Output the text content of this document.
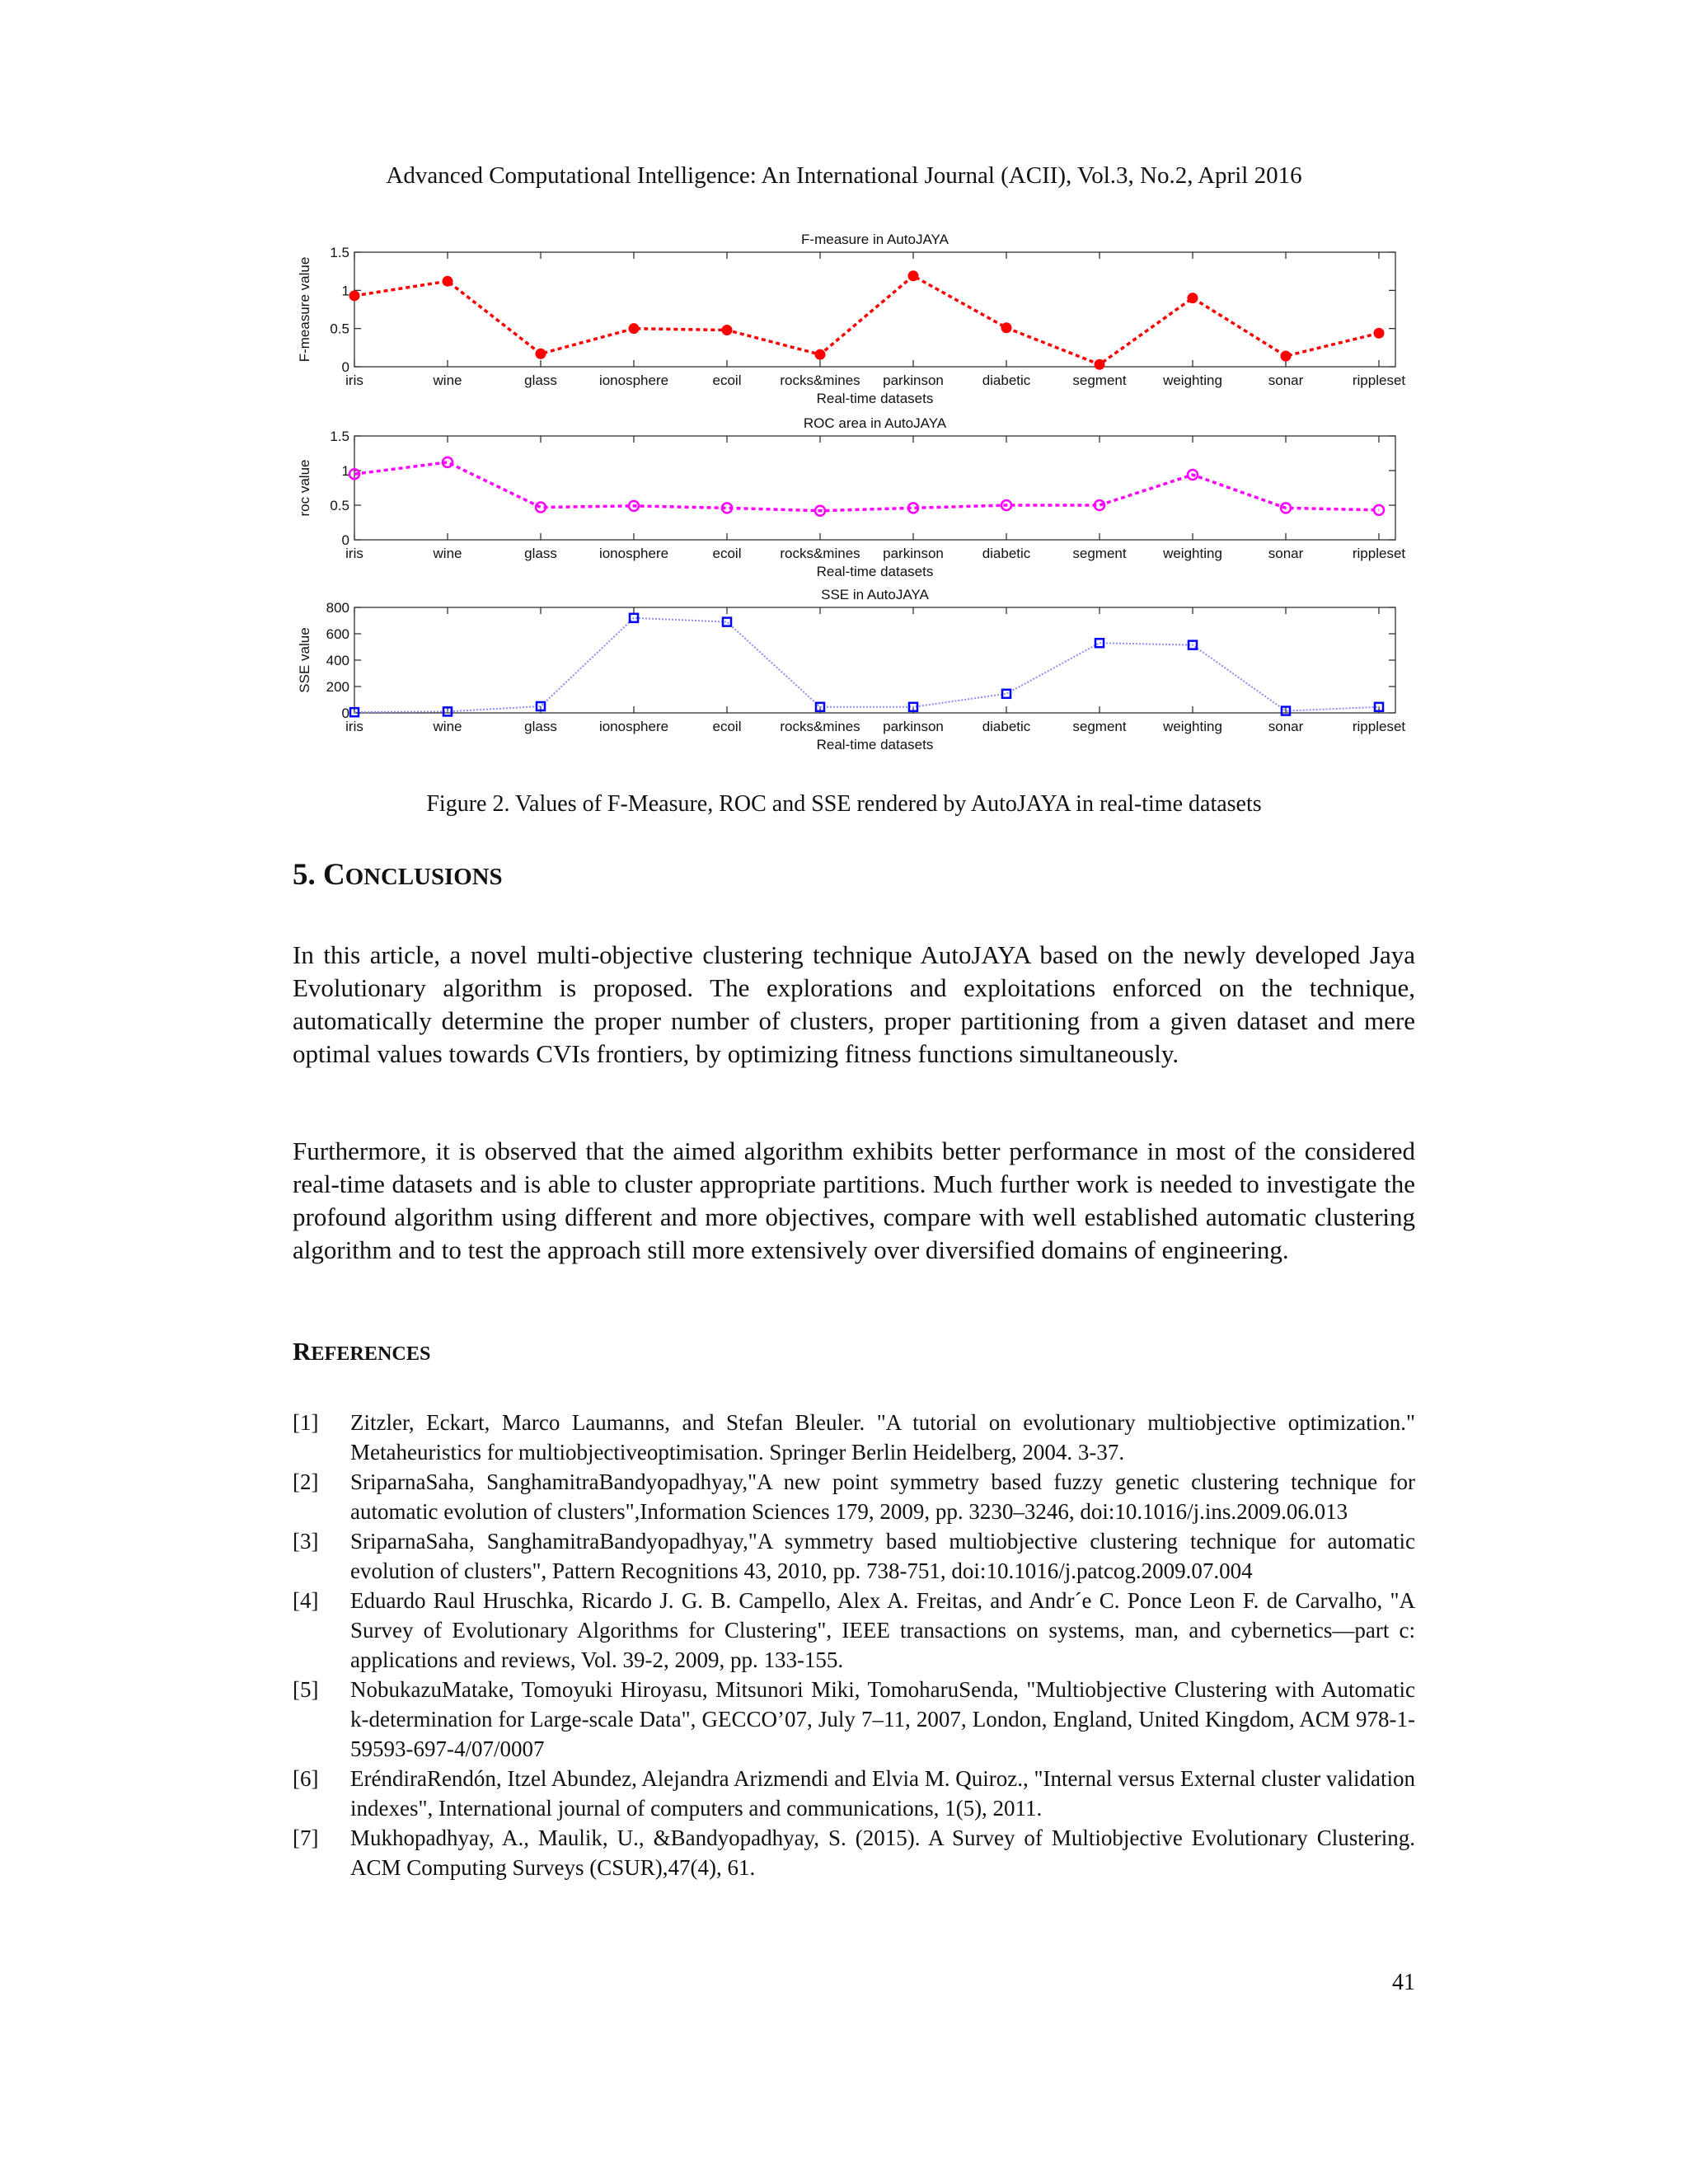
Advanced Computational Intelligence: An International Journal (ACII), Vol.3, No.2, April 2016
F-measure in AutoJAYA
0
0.5
1
1.5
F-measure value
iris	wine	glass	ionosphere	ecoil	rocks&mines parkinson	diabetic	segment	weighting	sonar	rippleset
Real-time datasets
ROC area in AutoJAYA
0
0.5
1
1.5
roc value
iris	wine	glass	ionosphere	ecoil	rocks&mines parkinson	diabetic	segment	weighting	sonar	rippleset
Real-time datasets
SSE in AutoJAYA
0
200
400
600
800
SSE value
iris	wine	glass	ionosphere	ecoil	rocks&mines parkinson	diabetic	segment	weighting	sonar	rippleset
Real-time datasets
Figure 2. Values of F-Measure, ROC and SSE rendered by AutoJAYA in real-time datasets
5. CONCLUSIONS

In this article, a novel multi-objective clustering technique AutoJAYA based on the newly developed Jaya Evolutionary algorithm is proposed. The explorations and exploitations enforced on the technique, automatically determine the proper number of clusters, proper partitioning from a given dataset and mere optimal values towards CVIs frontiers, by optimizing fitness functions simultaneously.

Furthermore, it is observed that the aimed algorithm exhibits better performance in most of the considered real-time datasets and is able to cluster appropriate partitions. Much further work is needed to investigate the profound algorithm using different and more objectives, compare with well established automatic clustering algorithm and to test the approach still more extensively over diversified domains of engineering.

REFERENCES
[1] Zitzler, Eckart, Marco Laumanns, and Stefan Bleuler. "A tutorial on evolutionary multiobjective optimization." Metaheuristics for multiobjectiveoptimisation. Springer Berlin Heidelberg, 2004. 3-37.
[2] SriparnaSaha, SanghamitraBandyopadhyay,"A new point symmetry based fuzzy genetic clustering technique for automatic evolution of clusters",Information Sciences 179, 2009, pp. 3230–3246, doi:10.1016/j.ins.2009.06.013
[3] SriparnaSaha, SanghamitraBandyopadhyay,"A symmetry based multiobjective clustering technique for automatic evolution of clusters", Pattern Recognitions 43, 2010, pp. 738-751, doi:10.1016/j.patcog.2009.07.004
[4] Eduardo Raul Hruschka, Ricardo J. G. B. Campello, Alex A. Freitas, and Andr´e C. Ponce Leon F. de Carvalho, "A Survey of Evolutionary Algorithms for Clustering", IEEE transactions on systems, man, and cybernetics—part c: applications and reviews, Vol. 39-2, 2009, pp. 133-155.
[5] NobukazuMatake, Tomoyuki Hiroyasu, Mitsunori Miki, TomoharuSenda, "Multiobjective Clustering with Automatic k-determination for Large-scale Data", GECCO’07, July 7–11, 2007, London, England, United Kingdom, ACM 978-1-59593-697-4/07/0007
[6] EréndiraRendón, Itzel Abundez, Alejandra Arizmendi and Elvia M. Quiroz., "Internal versus External cluster validation indexes", International journal of computers and communications, 1(5), 2011.
[7] Mukhopadhyay, A., Maulik, U., &Bandyopadhyay, S. (2015). A Survey of Multiobjective Evolutionary Clustering. ACM Computing Surveys (CSUR),47(4), 61.
41
